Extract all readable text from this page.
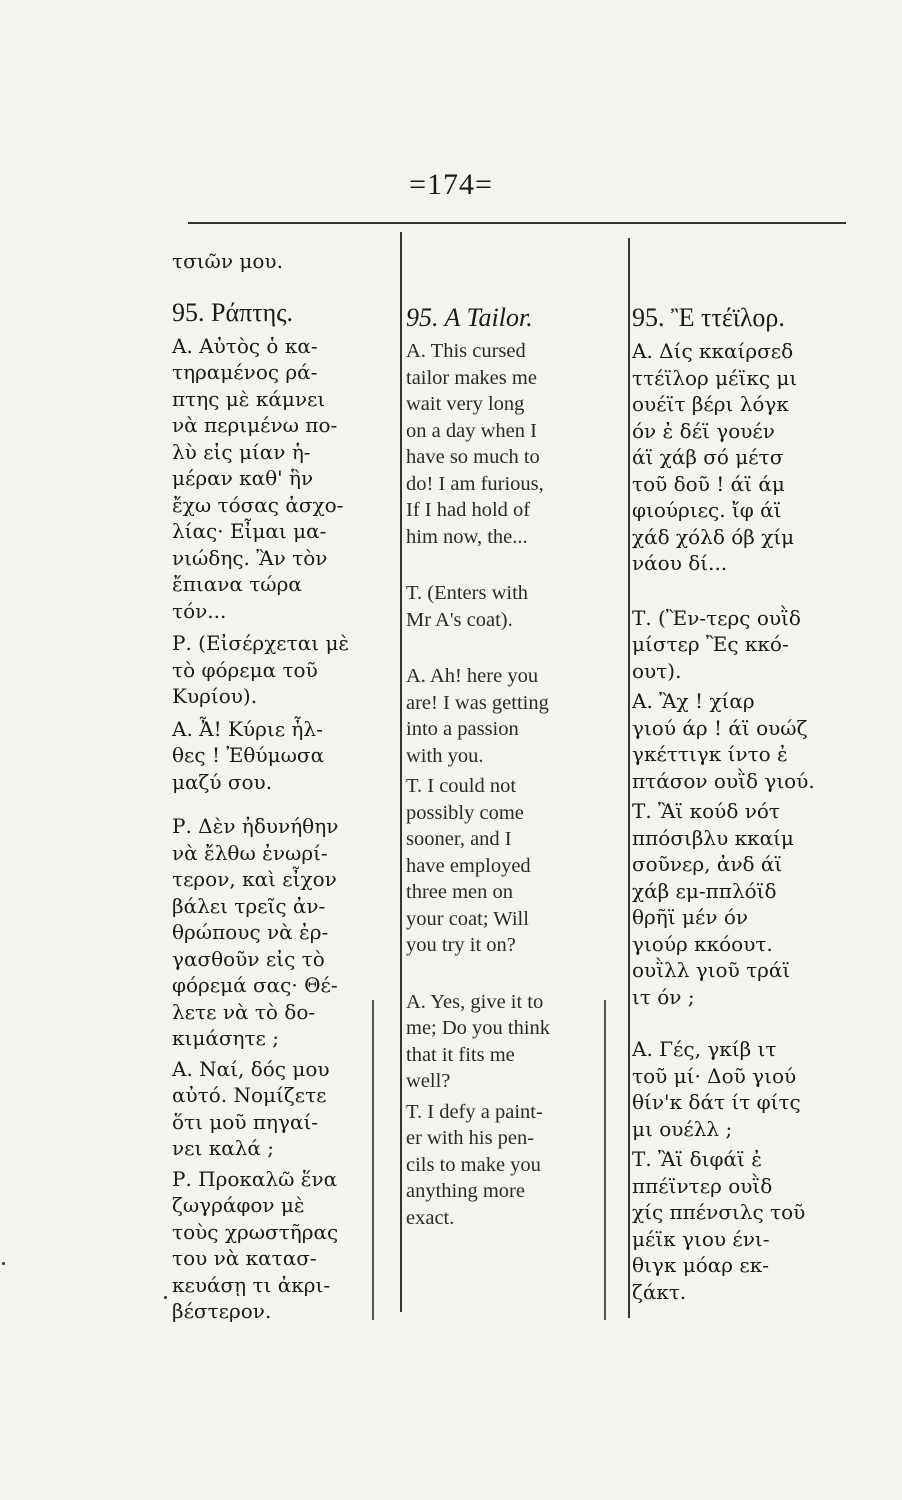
=174=
τσιῶν μου.
95. Ράπτης.
Α. Αὐτὸς ὁ κα-
τηραμένος ρά-
πτης μὲ κάμνει
νὰ περιμένω πο-
λὺ εἰς μίαν ἡ-
μέραν καθ' ἣν
ἔχω τόσας ἀσχο-
λίας· Εἶμαι μα-
νιώδης. Ἂν τὸν
ἔπιανα τώρα
τόν...
Ρ. (Εἰσέρχεται μὲ
τὸ φόρεμα τοῦ
Κυρίου).
Α. Ἆ! Κύριε ἦλ-
θες ! Ἐθύμωσα
μαζύ σου.
Ρ. Δὲν ἠδυνήθην
νὰ ἔλθω ἐνωρί-
τερον, καὶ εἶχον
βάλει τρεῖς ἀν-
θρώπους νὰ ἐρ-
γασθοῦν εἰς τὸ
φόρεμά σας· Θέ-
λετε νὰ τὸ δο-
κιμάσητε ;
Α. Ναί, δός μου
αὐτό. Νομίζετε
ὅτι μοῦ πηγαί-
νει καλά ;
Ρ. Προκαλῶ ἕνα
ζωγράφον μὲ
τοὺς χρωστῆρας
του νὰ κατασ-
κευάσῃ τι ἀκρι-
βέστερον.
95. A Tailor.
A. This cursed
tailor makes me
wait very long
on a day when I
have so much to
do! I am furious,
If I had hold of
him now, the...
T. (Enters with
Mr A's coat).
A. Ah! here you
are! I was getting
into a passion
with you.
T. I could not
possibly come
sooner, and I
have employed
three men on
your coat; Will
you try it on?
A. Yes, give it to
me; Do you think
that it fits me
well?
T. I defy a paint-
er with his pen-
cils to make you
anything more
exact.
95. Ἒ ττέϊλορ.
Α. Δίς κκαίρσεδ
ττέϊλορ μέϊκς μι
ουέϊτ βέρι λόγκ
όν ἐ δέϊ γουέν
άϊ χάβ σό μέτσ
τοῦ δοῦ ! άϊ άμ
φιούριες. ἴφ άϊ
χάδ χόλδ όβ χίμ
νάου δί...
Τ. (Ἒν-τερς ουῒδ
μίστερ Ἒς κκό-
ουτ).
Α. Ἂχ ! χίαρ
γιού άρ ! άϊ ουώζ
γκέττιγκ ίντο ἐ
πτάσον ουῒδ γιού.
Τ. Ἂϊ κούδ νότ
ππόσιβλυ κκαίμ
σοῦνερ, ἀνδ άϊ
χάβ εμ-ππλόϊδ
θρῆϊ μέν όν
γιούρ κκόουτ.
ουῒλλ γιοῦ τράϊ
ιτ όν ;
Α. Γές, γκίβ ιτ
τοῦ μί· Δοῦ γιού
θίν'κ δάτ ίτ φίτς
μι ουέλλ ;
Τ. Ἂϊ διφάϊ ἐ
ππέϊντερ ουῒδ
χίς ππένσιλς τοῦ
μέϊκ γιου ένι-
θιγκ μόαρ εκ-
ζάκτ.
